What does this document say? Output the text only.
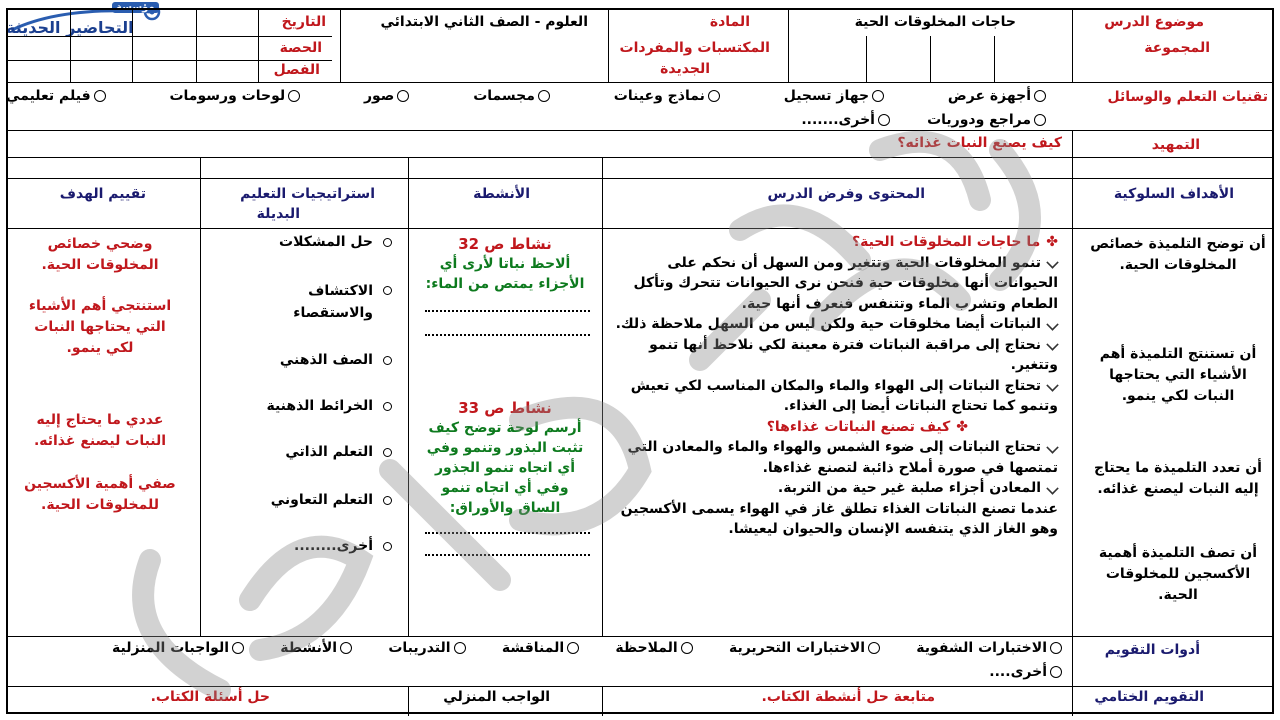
مؤسسة
التحاضير الحديثة	موضوع الدرس
حاجات المخلوقات الحية
المادة
العلوم - الصف الثاني الابتدائي
التاريخ
الحصة
الفصل
المجموعة
المكتسبات والمفردات
الجديدة
تقنيات التعلم والوسائل
أجهزة عرض
جهاز تسجيل
نماذج وعينات
مجسمات
صور
لوحات ورسومات
فيلم تعليمي
مراجع ودوريات
أخرى.......
التمهيد
كيف يصنع النبات غذائه؟
الأهداف السلوكية
المحتوى وفرض الدرس
الأنشطة
استراتيجيات التعليم
البديلة
تقييم الهدف
أن توضح التلميذة خصائص المخلوقات الحية.
أن تستنتج التلميذة أهم الأشياء التي يحتاجها النبات لكي ينمو.
أن تعدد التلميذة ما يحتاج إليه النبات ليصنع غذائه.
أن تصف التلميذة أهمية الأكسجين للمخلوقات الحية.
✤ما حاجات المخلوقات الحية؟
تنمو المخلوقات الحية وتتغير ومن السهل أن نحكم على الحيوانات أنها مخلوقات حية فنحن نرى الحيوانات تتحرك وتأكل الطعام وتشرب الماء وتتنفس فنعرف أنها حية.
النباتات أيضا مخلوقات حية ولكن ليس من السهل ملاحظة ذلك.
نحتاج إلى مراقبة النباتات فترة معينة لكي نلاحظ أنها تنمو وتتغير.
تحتاج النباتات إلى الهواء والماء والمكان المناسب لكي تعيش وتنمو كما تحتاج النباتات أيضا إلى الغذاء.
✤كيف تصنع النباتات غذاءها؟
تحتاج النباتات إلى ضوء الشمس والهواء والماء والمعادن التي تمتصها في صورة أملاح ذائبة لتصنع غذاءها.
المعادن أجزاء صلبة غير حية من التربة.
عندما تصنع النباتات الغذاء تطلق غاز في الهواء يسمى الأكسجين وهو الغاز الذي يتنفسه الإنسان والحيوان ليعيشا.
نشاط ص 32
ألاحظ نباتا لأرى أي الأجزاء يمتص من الماء:
نشاط ص 33
أرسم لوحة توضح كيف تثبت البذور وتنمو وفي أي اتجاه تنمو الجذور وفي أي اتجاه تنمو الساق والأوراق:
حل المشكلات
الاكتشاف والاستقصاء
الصف الذهني
الخرائط الذهنية
التعلم الذاتي
التعلم التعاوني
أخرى........
وضحي خصائص المخلوقات الحية.
استنتجي أهم الأشياء التي يحتاجها النبات لكي ينمو.
عددي ما يحتاج إليه النبات ليصنع غذائه.
صفي أهمية الأكسجين للمخلوقات الحية.
أدوات التقويم
الاختبارات الشفوية
الاختبارات التحريرية
الملاحظة
المناقشة
التدريبات
الأنشطة
الواجبات المنزلية
أخرى....
التقويم الختامي
متابعة حل أنشطة الكتاب.
الواجب المنزلي
حل أسئلة الكتاب.
